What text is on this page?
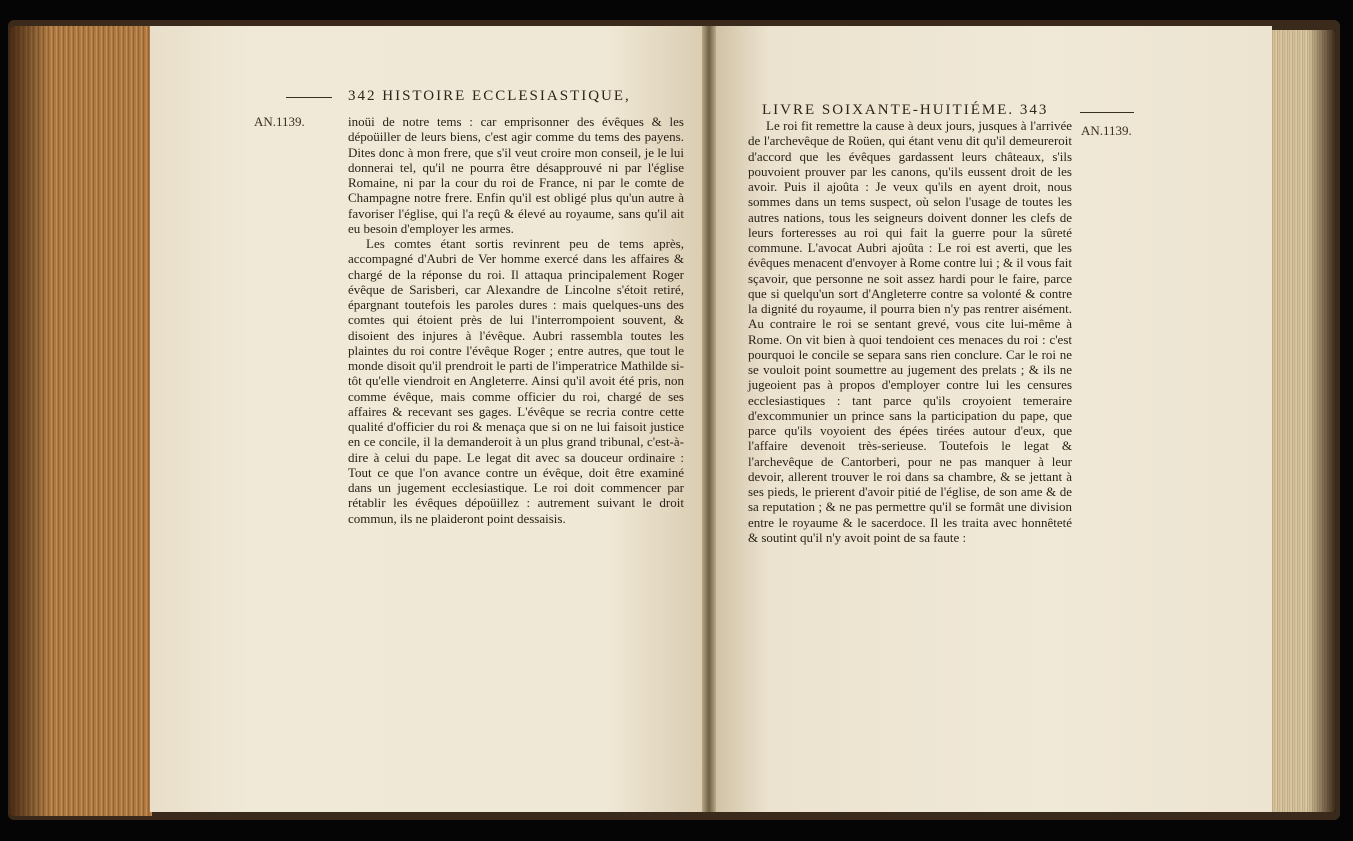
342 HISTOIRE ECCLESIASTIQUE,
AN.1139.	inoüi de notre tems : car emprisonner des évêques & les dépoüiller de leurs biens, c'est agir comme du tems des payens. Dites donc à mon frere, que s'il veut croire mon conseil, je le lui donnerai tel, qu'il ne pourra être désapprouvé ni par l'église Romaine, ni par la cour du roi de France, ni par le comte de Champagne notre frere. Enfin qu'il est obligé plus qu'un autre à favoriser l'église, qui l'a reçû & élevé au royaume, sans qu'il ait eu besoin d'employer les armes.

Les comtes étant sortis revinrent peu de tems après, accompagné d'Aubri de Ver homme exercé dans les affaires & chargé de la réponse du roi. Il attaqua principalement Roger évêque de Sarisberi, car Alexandre de Lincolne s'étoit retiré, épargnant toutefois les paroles dures : mais quelques-uns des comtes qui étoient près de lui l'interrompoient souvent, & disoient des injures à l'évêque. Aubri rassembla toutes les plaintes du roi contre l'évêque Roger ; entre autres, que tout le monde disoit qu'il prendroit le parti de l'imperatrice Mathilde si-tôt qu'elle viendroit en Angleterre. Ainsi qu'il avoit été pris, non comme évêque, mais comme officier du roi, chargé de ses affaires & recevant ses gages. L'évêque se recria contre cette qualité d'officier du roi & menaça que si on ne lui faisoit justice en ce concile, il la demanderoit à un plus grand tribunal, c'est-à-dire à celui du pape. Le legat dit avec sa douceur ordinaire : Tout ce que l'on avance contre un évêque, doit être examiné dans un jugement ecclesiastique. Le roi doit commencer par rétablir les évêques dépoüillez : autrement suivant le droit commun, ils ne plaideront point dessaisis.

LIVRE SOIXANTE-HUITIÉME. 343
AN.1139.

Le roi fit remettre la cause à deux jours, jusques à l'arrivée de l'archevêque de Roüen, qui étant venu dit qu'il demeureroit d'accord que les évêques gardassent leurs châteaux, s'ils pouvoient prouver par les canons, qu'ils eussent droit de les avoir. Puis il ajoûta : Je veux qu'ils en ayent droit, nous sommes dans un tems suspect, où selon l'usage de toutes les autres nations, tous les seigneurs doivent donner les clefs de leurs forteresses au roi qui fait la guerre pour la sûreté commune. L'avocat Aubri ajoûta : Le roi est averti, que les évêques menacent d'envoyer à Rome contre lui ; & il vous fait sçavoir, que personne ne soit assez hardi pour le faire, parce que si quelqu'un sort d'Angleterre contre sa volonté & contre la dignité du royaume, il pourra bien n'y pas rentrer aisément. Au contraire le roi se sentant grevé, vous cite lui-même à Rome. On vit bien à quoi tendoient ces menaces du roi : c'est pourquoi le concile se separa sans rien conclure. Car le roi ne se vouloit point soumettre au jugement des prelats ; & ils ne jugeoient pas à propos d'employer contre lui les censures ecclesiastiques : tant parce qu'ils croyoient temeraire d'excommunier un prince sans la participation du pape, que parce qu'ils voyoient des épées tirées autour d'eux, que l'affaire devenoit très-serieuse. Toutefois le legat & l'archevêque de Cantorberi, pour ne pas manquer à leur devoir, allerent trouver le roi dans sa chambre, & se jettant à ses pieds, le prierent d'avoir pitié de l'église, de son ame & de sa reputation ; & ne pas permettre qu'il se formât une division entre le royaume & le sacerdoce. Il les traita avec honnêteté & soutint qu'il n'y avoit point de sa faute :
